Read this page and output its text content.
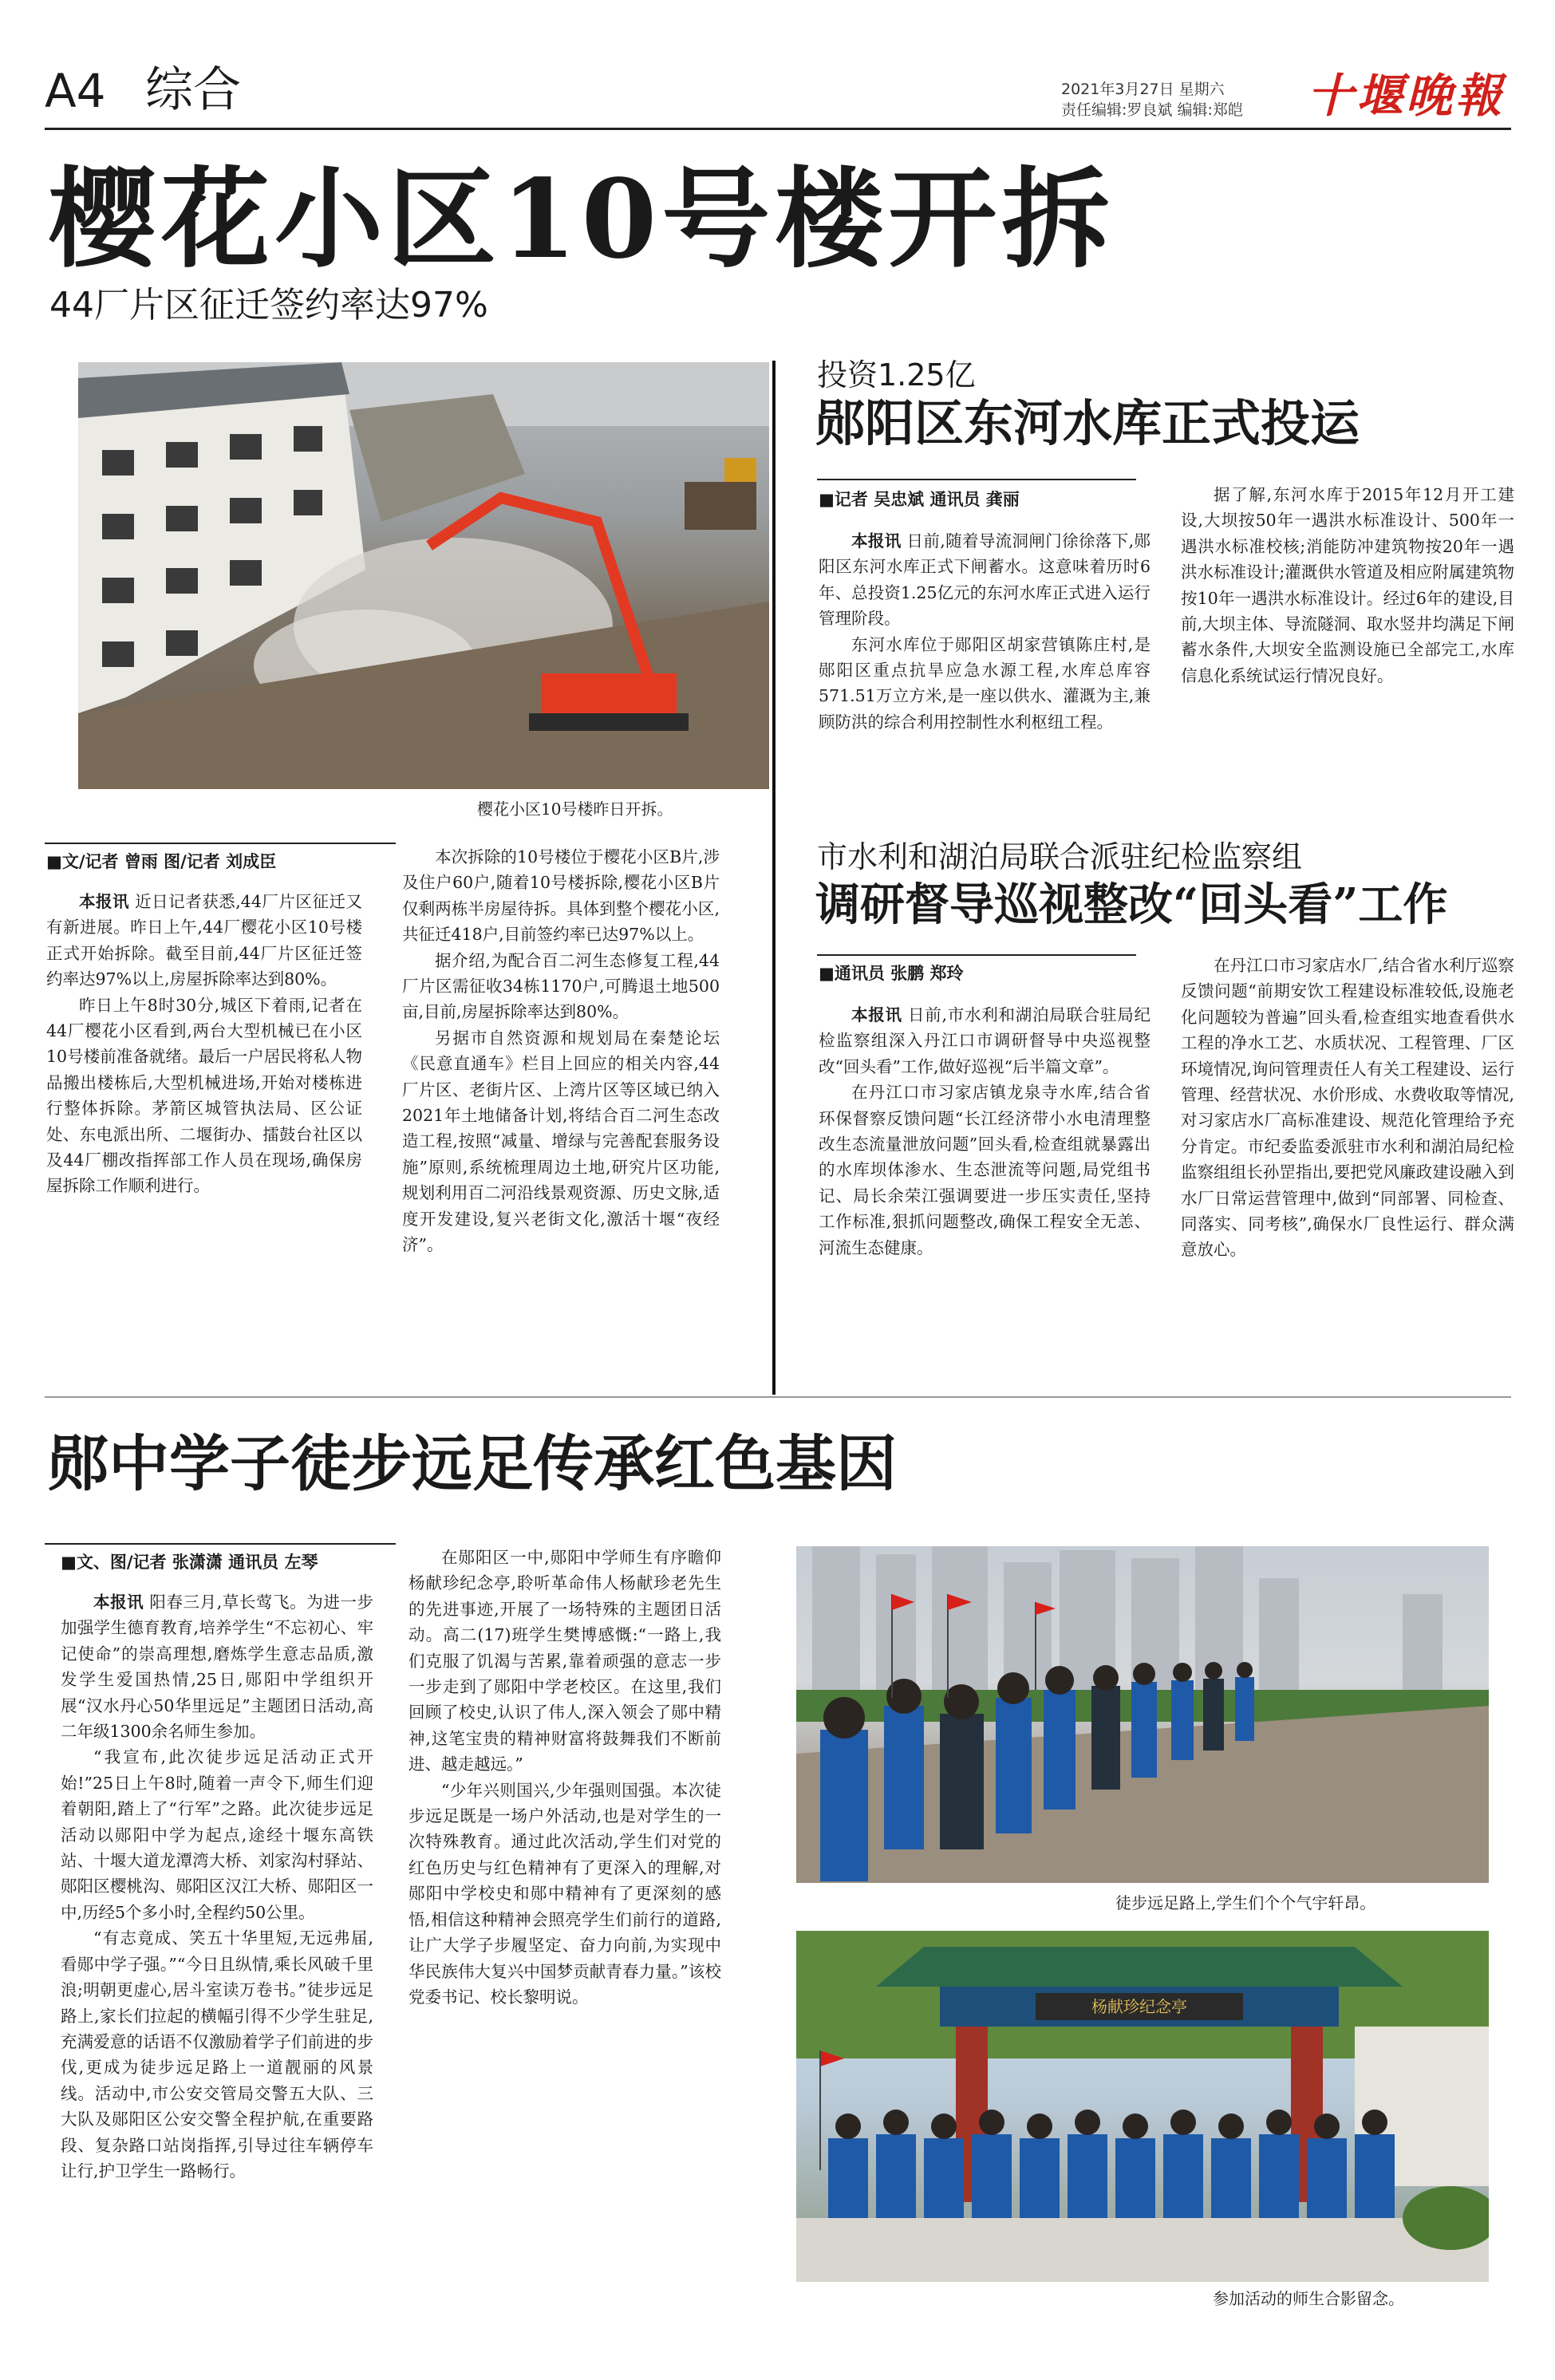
A4 综合	2021年3月27日 星期六
责任编辑:罗良斌 编辑:郑皑 十堰晚報
樱花小区10号楼开拆
44厂片区征迁签约率达97%
樱花小区10号楼昨日开拆。
■文/记者 曾雨 图/记者 刘成臣

本报讯 近日记者获悉,44厂片区征迁又有新进展。昨日上午,44厂樱花小区10号楼正式开始拆除。截至目前,44厂片区征迁签约率达97%以上,房屋拆除率达到80%。

昨日上午8时30分,城区下着雨,记者在44厂樱花小区看到,两台大型机械已在小区10号楼前准备就绪。最后一户居民将私人物品搬出楼栋后,大型机械进场,开始对楼栋进行整体拆除。茅箭区城管执法局、区公证处、东电派出所、二堰街办、擂鼓台社区以及44厂棚改指挥部工作人员在现场,确保房屋拆除工作顺利进行。

本次拆除的10号楼位于樱花小区B片,涉及住户60户,随着10号楼拆除,樱花小区B片仅剩两栋半房屋待拆。具体到整个樱花小区,共征迁418户,目前签约率已达97%以上。

据介绍,为配合百二河生态修复工程,44厂片区需征收34栋1170户,可腾退土地500亩,目前,房屋拆除率达到80%。

另据市自然资源和规划局在秦楚论坛《民意直通车》栏目上回应的相关内容,44厂片区、老街片区、上湾片区等区域已纳入2021年土地储备计划,将结合百二河生态改造工程,按照“减量、增绿与完善配套服务设施”原则,系统梳理周边土地,研究片区功能,规划利用百二河沿线景观资源、历史文脉,适度开发建设,复兴老街文化,激活十堰“夜经济”。

投资1.25亿
郧阳区东河水库正式投运
■记者 吴忠斌 通讯员 龚丽

本报讯 日前,随着导流洞闸门徐徐落下,郧阳区东河水库正式下闸蓄水。这意味着历时6年、总投资1.25亿元的东河水库正式进入运行管理阶段。

东河水库位于郧阳区胡家营镇陈庄村,是郧阳区重点抗旱应急水源工程,水库总库容571.51万立方米,是一座以供水、灌溉为主,兼顾防洪的综合利用控制性水利枢纽工程。

据了解,东河水库于2015年12月开工建设,大坝按50年一遇洪水标准设计、500年一遇洪水标准校核;消能防冲建筑物按20年一遇洪水标准设计;灌溉供水管道及相应附属建筑物按10年一遇洪水标准设计。经过6年的建设,目前,大坝主体、导流隧洞、取水竖井均满足下闸蓄水条件,大坝安全监测设施已全部完工,水库信息化系统试运行情况良好。

市水利和湖泊局联合派驻纪检监察组
调研督导巡视整改“回头看”工作
■通讯员 张鹏 郑玲

本报讯 日前,市水利和湖泊局联合驻局纪检监察组深入丹江口市调研督导中央巡视整改“回头看”工作,做好巡视“后半篇文章”。

在丹江口市习家店镇龙泉寺水库,结合省环保督察反馈问题“长江经济带小水电清理整改生态流量泄放问题”回头看,检查组就暴露出的水库坝体渗水、生态泄流等问题,局党组书记、局长余荣江强调要进一步压实责任,坚持工作标准,狠抓问题整改,确保工程安全无恙、河流生态健康。

在丹江口市习家店水厂,结合省水利厅巡察反馈问题“前期安饮工程建设标准较低,设施老化问题较为普遍”回头看,检查组实地查看供水工程的净水工艺、水质状况、工程管理、厂区环境情况,询问管理责任人有关工程建设、运行管理、经营状况、水价形成、水费收取等情况,对习家店水厂高标准建设、规范化管理给予充分肯定。市纪委监委派驻市水利和湖泊局纪检监察组组长孙罡指出,要把党风廉政建设融入到水厂日常运营管理中,做到“同部署、同检查、同落实、同考核”,确保水厂良性运行、群众满意放心。

郧中学子徒步远足传承红色基因
■文、图/记者 张潇潇 通讯员 左琴

本报讯 阳春三月,草长莺飞。为进一步加强学生德育教育,培养学生“不忘初心、牢记使命”的崇高理想,磨炼学生意志品质,激发学生爱国热情,25日,郧阳中学组织开展“汉水丹心50华里远足”主题团日活动,高二年级1300余名师生参加。

“我宣布,此次徒步远足活动正式开始!”25日上午8时,随着一声令下,师生们迎着朝阳,踏上了“行军”之路。此次徒步远足活动以郧阳中学为起点,途经十堰东高铁站、十堰大道龙潭湾大桥、刘家沟村驿站、郧阳区樱桃沟、郧阳区汉江大桥、郧阳区一中,历经5个多小时,全程约50公里。

“有志竟成、笑五十华里短,无远弗届,看郧中学子强。”“今日且纵情,乘长风破千里浪;明朝更虚心,居斗室读万卷书。”徒步远足路上,家长们拉起的横幅引得不少学生驻足,充满爱意的话语不仅激励着学子们前进的步伐,更成为徒步远足路上一道靓丽的风景线。活动中,市公安交管局交警五大队、三大队及郧阳区公安交警全程护航,在重要路段、复杂路口站岗指挥,引导过往车辆停车让行,护卫学生一路畅行。

在郧阳区一中,郧阳中学师生有序瞻仰杨献珍纪念亭,聆听革命伟人杨献珍老先生的先进事迹,开展了一场特殊的主题团日活动。高二(17)班学生樊博感慨:“一路上,我们克服了饥渴与苦累,靠着顽强的意志一步一步走到了郧阳中学老校区。在这里,我们回顾了校史,认识了伟人,深入领会了郧中精神,这笔宝贵的精神财富将鼓舞我们不断前进、越走越远。”

“少年兴则国兴,少年强则国强。本次徒步远足既是一场户外活动,也是对学生的一次特殊教育。通过此次活动,学生们对党的红色历史与红色精神有了更深入的理解,对郧阳中学校史和郧中精神有了更深刻的感悟,相信这种精神会照亮学生们前行的道路,让广大学子步履坚定、奋力向前,为实现中华民族伟大复兴中国梦贡献青春力量。”该校党委书记、校长黎明说。

徒步远足路上,学生们个个气宇轩昂。
杨献珍纪念亭
参加活动的师生合影留念。
